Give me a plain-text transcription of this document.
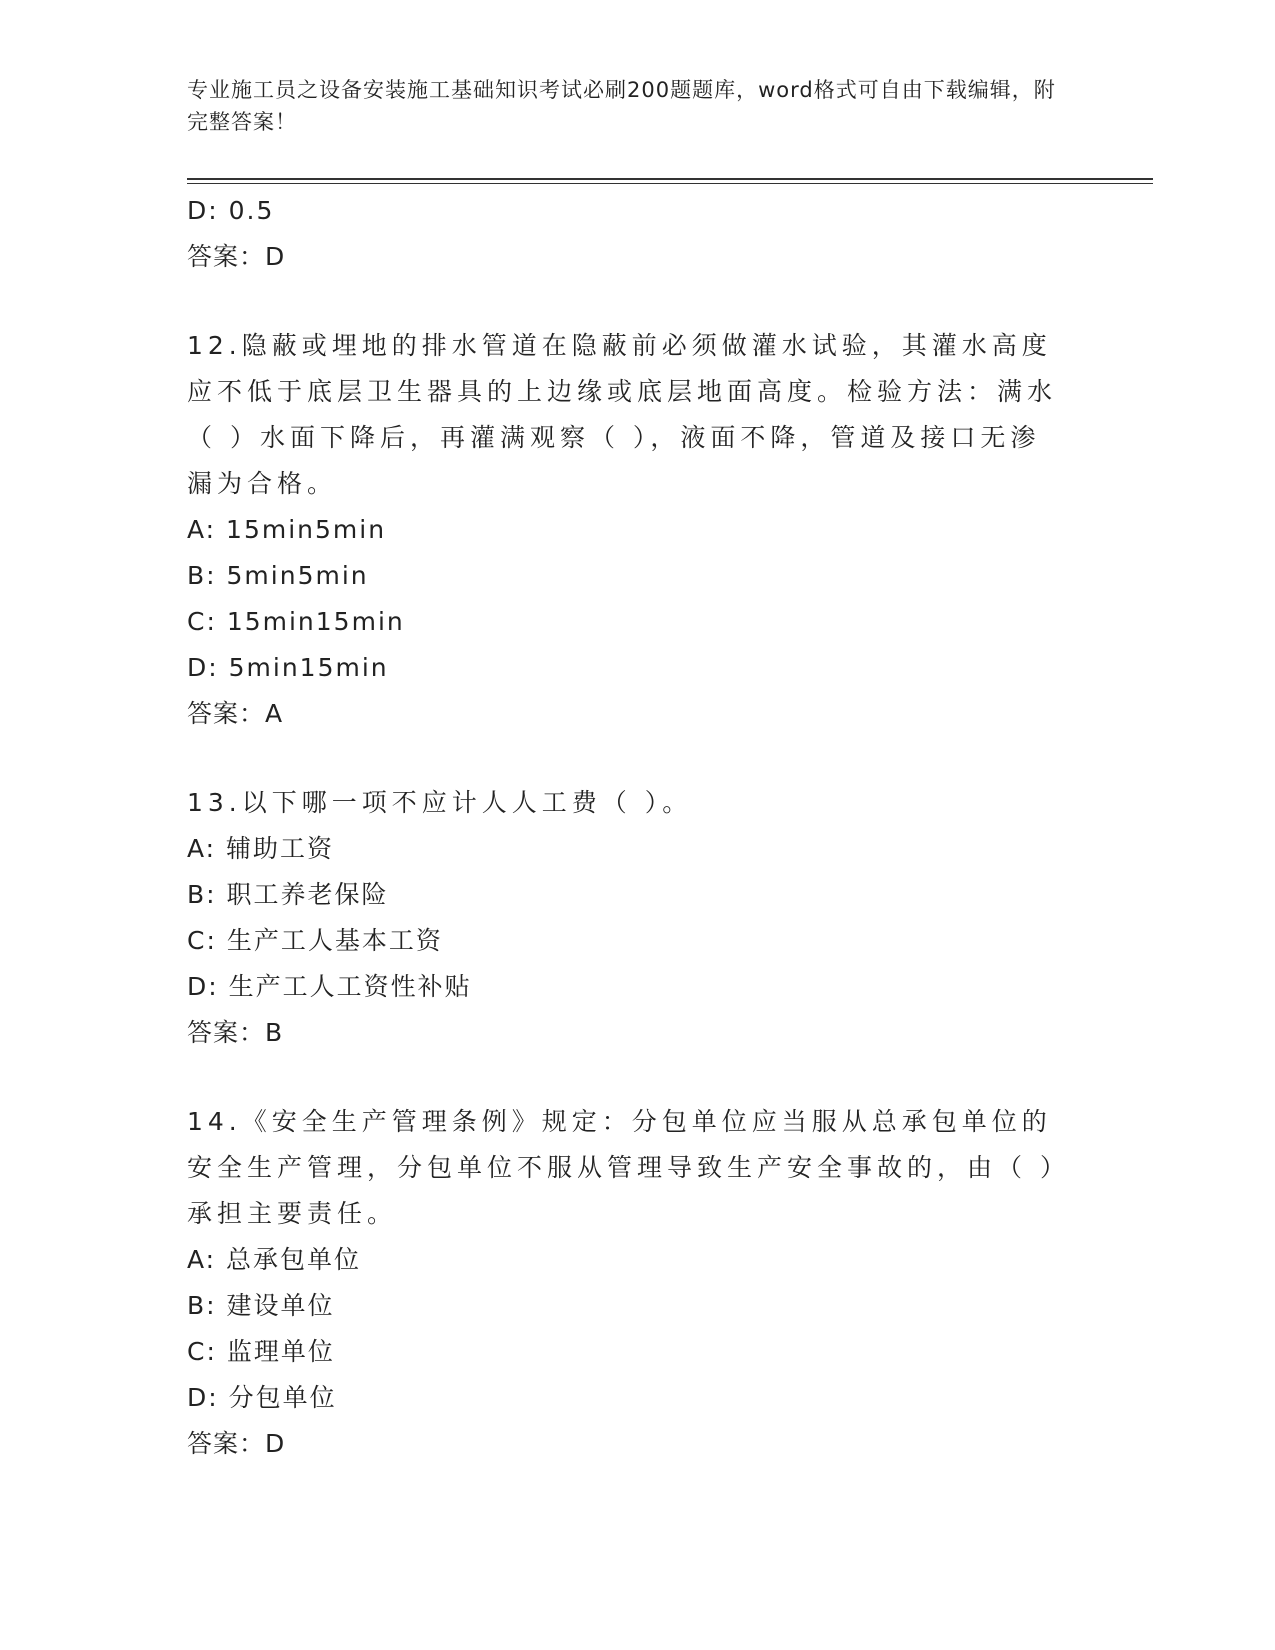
专业施工员之设备安装施工基础知识考试必刷200题题库，word格式可自由下载编辑，附完整答案！
D: 0.5
答案：D
12.隐蔽或埋地的排水管道在隐蔽前必须做灌水试验，其灌水高度应不低于底层卫生器具的上边缘或底层地面高度。检验方法：满水（ ）水面下降后，再灌满观察（ ），液面不降，管道及接口无渗漏为合格。
A: 15min5min
B: 5min5min
C: 15min15min
D: 5min15min
答案：A
13.以下哪一项不应计人人工费（ ）。
A: 辅助工资
B: 职工养老保险
C: 生产工人基本工资
D: 生产工人工资性补贴
答案：B
14.《安全生产管理条例》规定：分包单位应当服从总承包单位的安全生产管理，分包单位不服从管理导致生产安全事故的，由（ ）承担主要责任。
A: 总承包单位
B: 建设单位
C: 监理单位
D: 分包单位
答案：D
